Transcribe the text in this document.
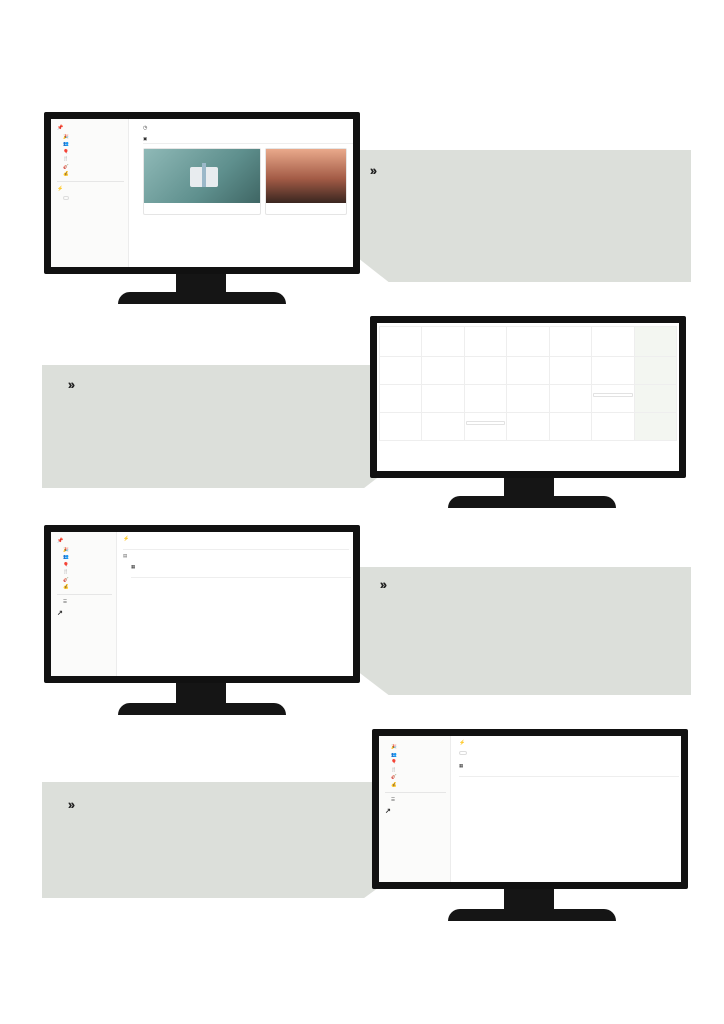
📌
🎉
👥
🎈
🍴
🎸
💰
⚡
◷
▣
📌
🎉
👥
🎈
🍴
🎸
💰
☰
↗
⚡
▤
▦

🎉
👥
🎈
🍴
🎸
💰
☰
↗
⚡
▦
